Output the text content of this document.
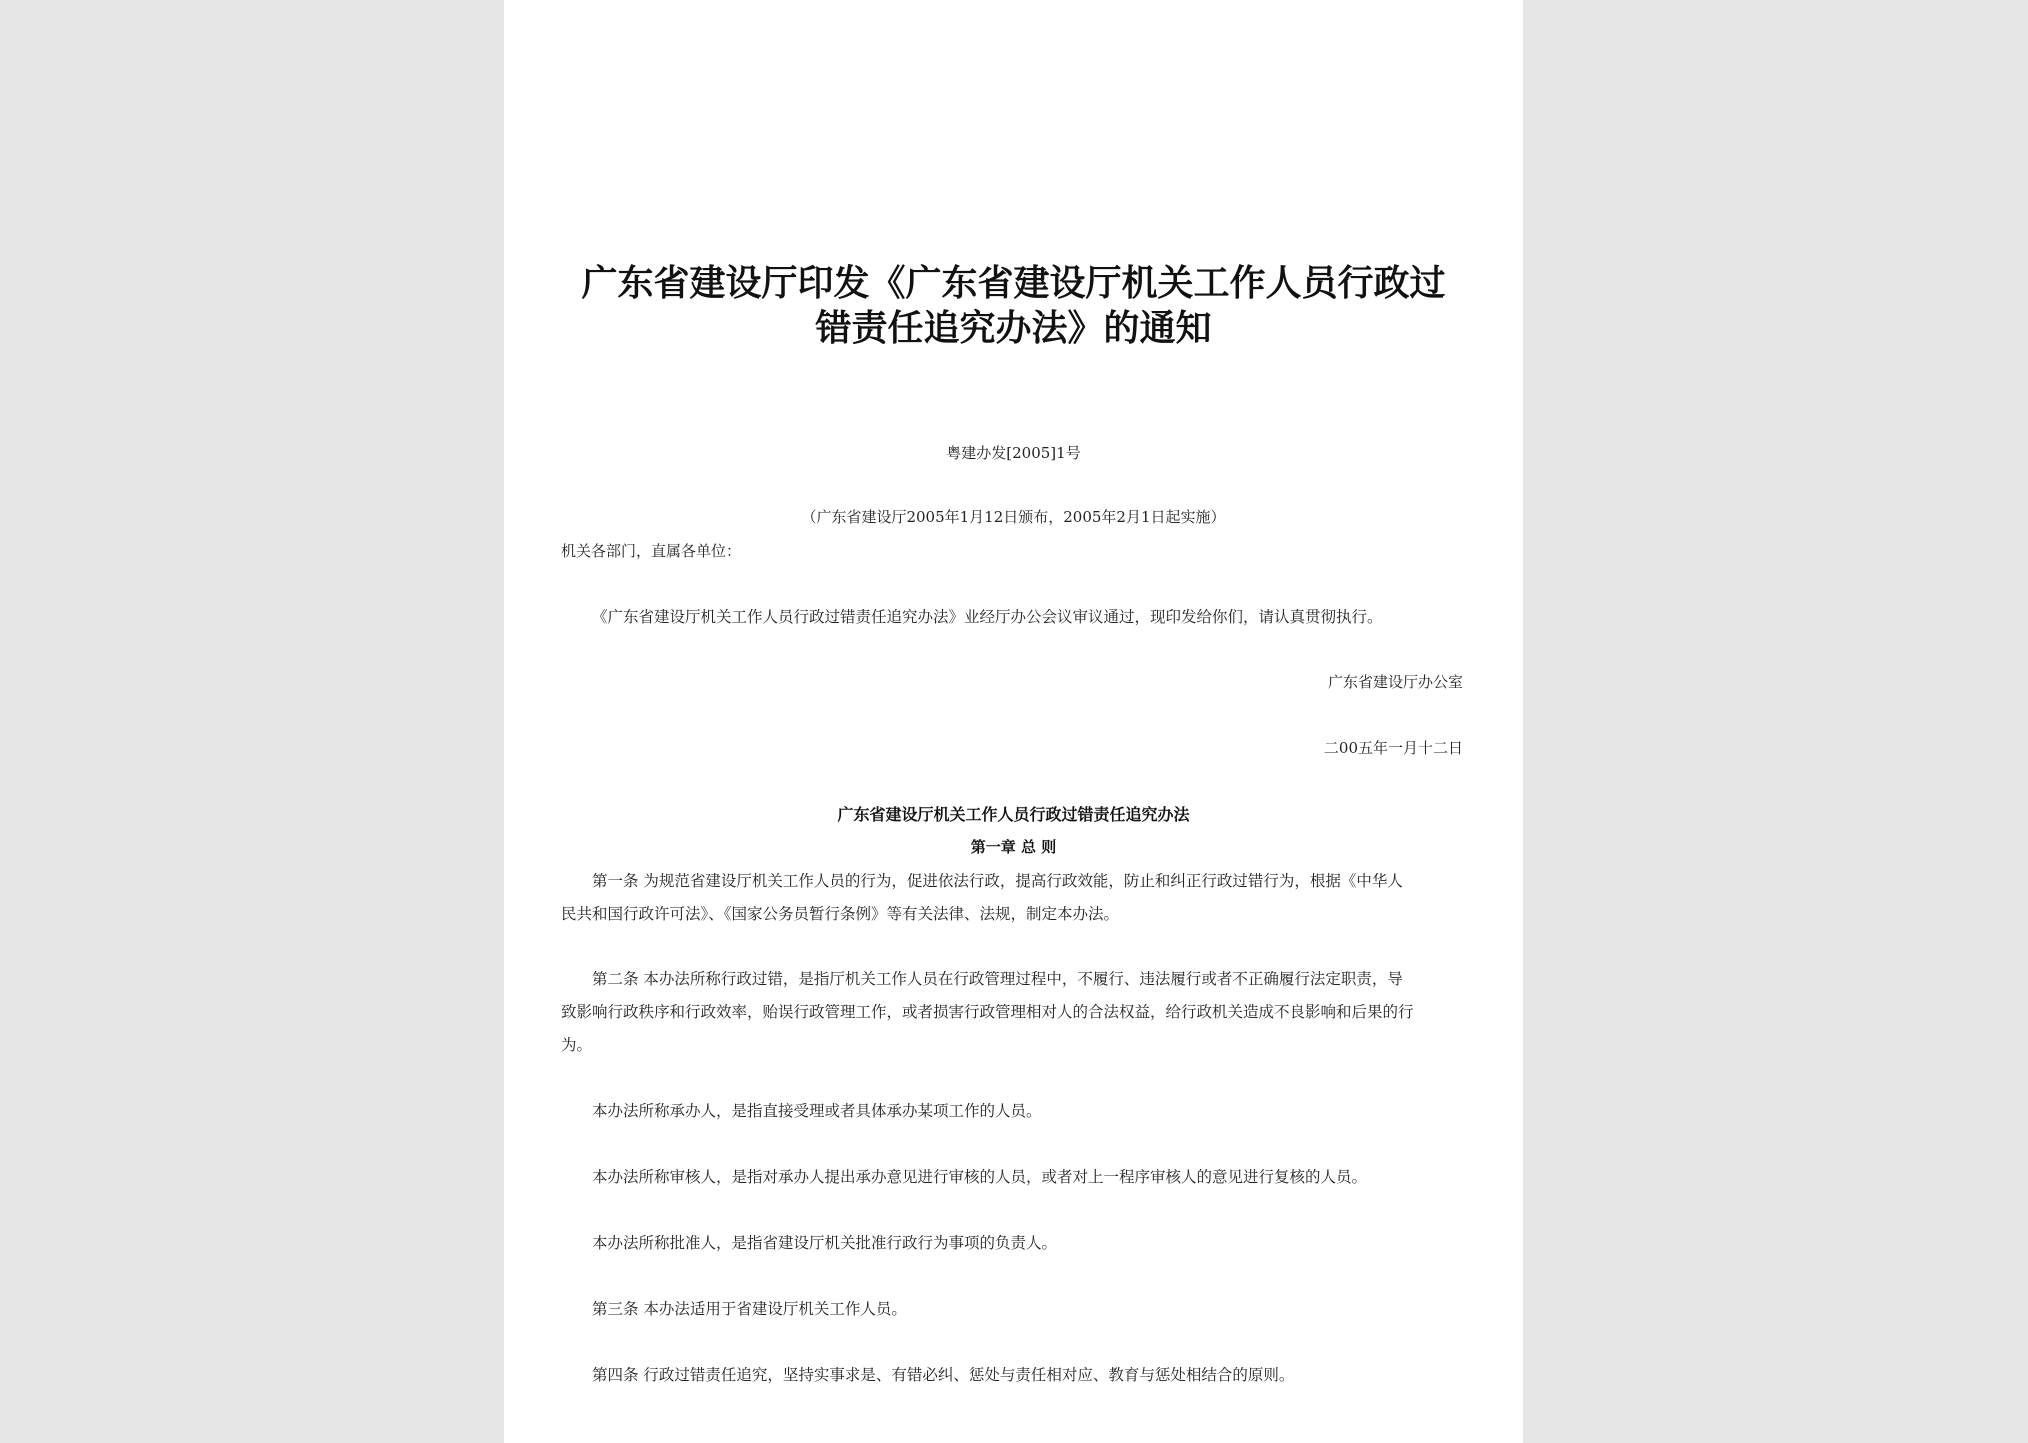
广东省建设厅印发《广东省建设厅机关工作人员行政过
错责任追究办法》的通知
粤建办发[2005]1号
（广东省建设厅2005年1月12日颁布，2005年2月1日起实施）
机关各部门，直属各单位：
《广东省建设厅机关工作人员行政过错责任追究办法》业经厅办公会议审议通过，现印发给你们，请认真贯彻执行。
广东省建设厅办公室
二00五年一月十二日
广东省建设厅机关工作人员行政过错责任追究办法
第一章 总 则
第一条 为规范省建设厅机关工作人员的行为，促进依法行政，提高行政效能，防止和纠正行政过错行为，根据《中华人
民共和国行政许可法》、《国家公务员暂行条例》等有关法律、法规，制定本办法。
第二条 本办法所称行政过错，是指厅机关工作人员在行政管理过程中，不履行、违法履行或者不正确履行法定职责，导
致影响行政秩序和行政效率，贻误行政管理工作，或者损害行政管理相对人的合法权益，给行政机关造成不良影响和后果的行
为。
本办法所称承办人，是指直接受理或者具体承办某项工作的人员。
本办法所称审核人，是指对承办人提出承办意见进行审核的人员，或者对上一程序审核人的意见进行复核的人员。
本办法所称批准人，是指省建设厅机关批准行政行为事项的负责人。
第三条 本办法适用于省建设厅机关工作人员。
第四条 行政过错责任追究，坚持实事求是、有错必纠、惩处与责任相对应、教育与惩处相结合的原则。
